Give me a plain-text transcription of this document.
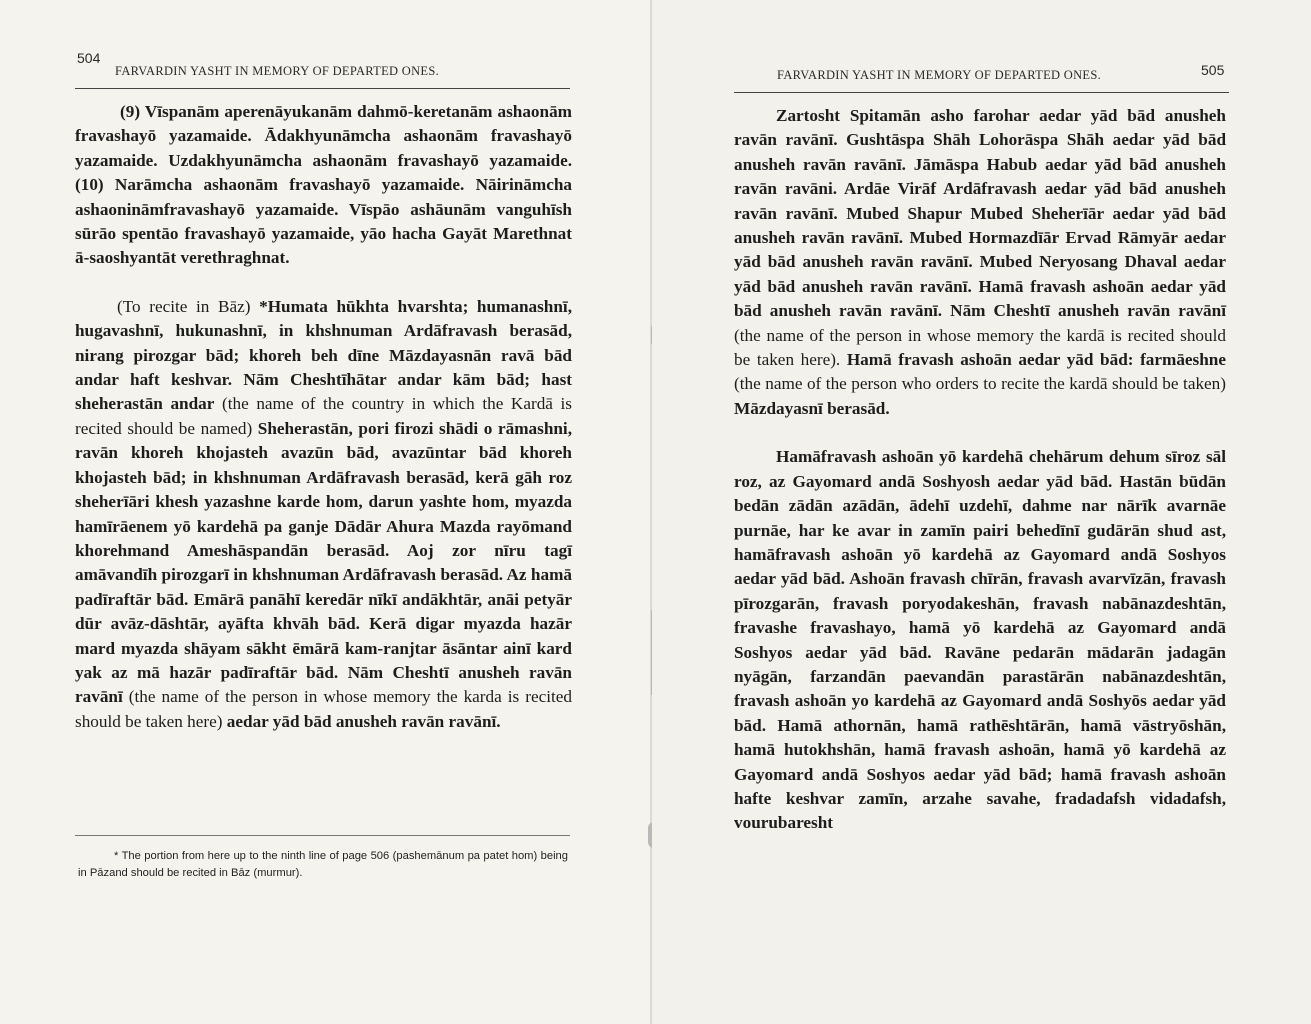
504
FARVARDIN YASHT IN MEMORY OF DEPARTED ONES.

(9) Vīspanām aperenāyukanām dahmō-keretanām ashaonām fravashayō yazamaide. Ādakhyunāmcha ashaonām fravashayō yazamaide. Uzdakhyunāmcha ashaonām fravashayō yazamaide. (10) Narāmcha ashaonām fravashayō yazamaide. Nāirināmcha ashaonināmfravashayō yazamaide. Vīspāo ashāunām vanguhīsh sūrāo spentāo fravashayō yazamaide, yāo hacha Gayāt Marethnat ā-saoshyantāt verethraghnat.

(To recite in Bāz) *Humata hūkhta hvarshta; humanashnī, hugavashnī, hukunashnī, in khshnuman Ardāfravash berasād, nirang pirozgar bād; khoreh beh dīne Māzdayasnān ravā bād andar haft keshvar. Nām Cheshtīhātar andar kām bād; hast sheherastān andar (the name of the country in which the Kardā is recited should be named) Sheherastān, pori firozi shādi o rāmashni, ravān khoreh khojasteh avazūn bād, avazūntar bād khoreh khojasteh bād; in khshnuman Ardāfravash berasād, kerā gāh roz sheherīāri khesh yazashne karde hom, darun yashte hom, myazda hamīrāenem yō kardehā pa ganje Dādār Ahura Mazda rayōmand khorehmand Ameshāspandān berasād. Aoj zor nīru tagī amāvandīh pirozgarī in khshnuman Ardāfravash berasād. Az hamā padīraftār bād. Emārā panāhī keredār nīkī andākhtār, anāi petyār dūr avāz-dāshtār, ayāfta khvāh bād. Kerā digar myazda hazār mard myazda shāyam sākht ēmārā kam-ranjtar āsāntar ainī kard yak az mā hazār padīraftār bād. Nām Cheshtī anusheh ravān ravānī (the name of the person in whose memory the karda is recited should be taken here) aedar yād bād anusheh ravān ravānī.

* The portion from here up to the ninth line of page 506 (pashemānum pa patet hom) being in Pāzand should be recited in Bāz (murmur).
505
FARVARDIN YASHT IN MEMORY OF DEPARTED ONES.

Zartosht Spitamān asho farohar aedar yād bād anusheh ravān ravānī. Gushtāspa Shāh Lohorāspa Shāh aedar yād bād anusheh ravān ravānī. Jāmāspa Habub aedar yād bād anusheh ravān ravāni. Ardāe Virāf Ardāfravash aedar yād bād anusheh ravān ravānī. Mubed Shapur Mubed Sheherīār aedar yād bād anusheh ravān ravānī. Mubed Hormazdīār Ervad Rāmyār aedar yād bād anusheh ravān ravānī. Mubed Neryosang Dhaval aedar yād bād anusheh ravān ravānī. Hamā fravash ashoān aedar yād bād anusheh ravān ravānī. Nām Cheshtī anusheh ravān ravānī (the name of the person in whose memory the kardā is recited should be taken here). Hamā fravash ashoān aedar yād bād: farmāeshne (the name of the person who orders to recite the kardā should be taken) Māzdayasnī berasād.

Hamāfravash ashoān yō kardehā chehārum dehum sīroz sāl roz, az Gayomard andā Soshyosh aedar yād bād. Hastān būdān bedān zādān azādān, ādehī uzdehī, dahme nar nārīk avarnāe purnāe, har ke avar in zamīn pairi behedīnī gudārān shud ast, hamāfravash ashoān yō kardehā az Gayomard andā Soshyos aedar yād bād. Ashoān fravash chīrān, fravash avarvīzān, fravash pīrozgarān, fravash poryodakeshān, fravash nabānazdeshtān, fravashe fravashayo, hamā yō kardehā az Gayomard andā Soshyos aedar yād bād. Ravāne pedarān mādarān jadagān nyāgān, farzandān paevandān parastārān nabānazdeshtān, fravash ashoān yo kardehā az Gayomard andā Soshyōs aedar yād bād. Hamā athornān, hamā rathēshtārān, hamā vāstryōshān, hamā hutokhshān, hamā fravash ashoān, hamā yō kardehā az Gayomard andā Soshyos aedar yād bād; hamā fravash ashoān hafte keshvar zamīn, arzahe savahe, fradadafsh vidadafsh, vourubaresht
